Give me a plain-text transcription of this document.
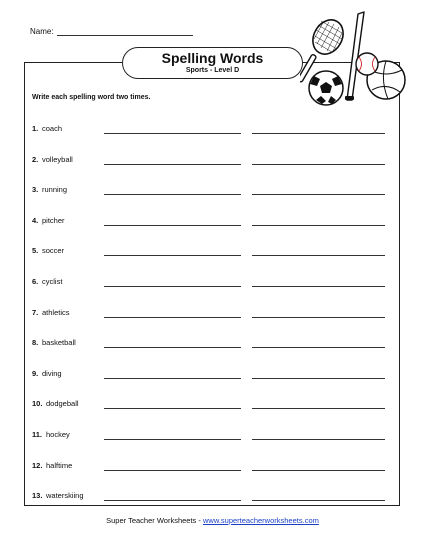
Name:
Spelling Words
Sports - Level D
Write each spelling word two times.
1. coach
2. volleyball
3. running
4. pitcher
5. soccer
6. cyclist
7. athletics
8. basketball
9. diving
10. dodgeball
11. hockey
12. halftime
13. waterskiing
Super Teacher Worksheets - www.superteacherworksheets.com
